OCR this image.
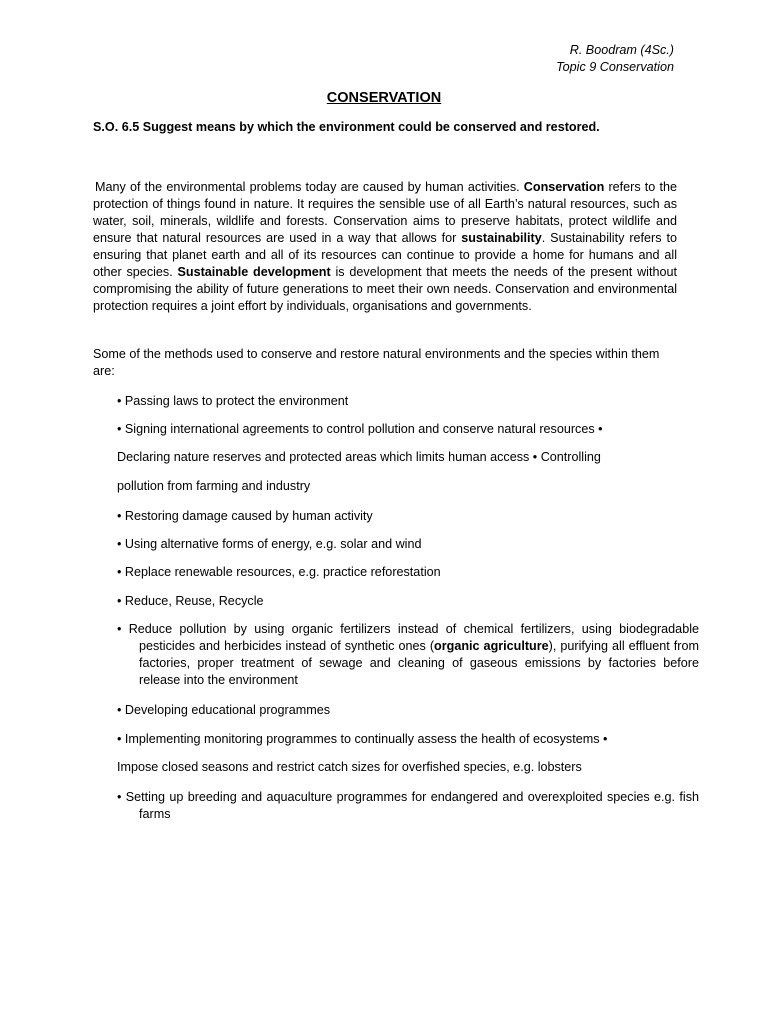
R. Boodram (4Sc.)
Topic 9 Conservation
CONSERVATION
S.O. 6.5 Suggest means by which the environment could be conserved and restored.

Many of the environmental problems today are caused by human activities. Conservation refers to the protection of things found in nature. It requires the sensible use of all Earth’s natural resources, such as water, soil, minerals, wildlife and forests. Conservation aims to preserve habitats, protect wildlife and ensure that natural resources are used in a way that allows for sustainability. Sustainability refers to ensuring that planet earth and all of its resources can continue to provide a home for humans and all other species. Sustainable development is development that meets the needs of the present without compromising the ability of future generations to meet their own needs. Conservation and environmental protection requires a joint effort by individuals, organisations and governments.

Some of the methods used to conserve and restore natural environments and the species within them are:

• Passing laws to protect the environment
• Signing international agreements to control pollution and conserve natural resources •
Declaring nature reserves and protected areas which limits human access • Controlling
pollution from farming and industry
• Restoring damage caused by human activity
• Using alternative forms of energy, e.g. solar and wind
• Replace renewable resources, e.g. practice reforestation
• Reduce, Reuse, Recycle

• Reduce pollution by using organic fertilizers instead of chemical fertilizers, using biodegradable pesticides and herbicides instead of synthetic ones (organic agriculture), purifying all effluent from factories, proper treatment of sewage and cleaning of gaseous emissions by factories before release into the environment

• Developing educational programmes
• Implementing monitoring programmes to continually assess the health of ecosystems •
Impose closed seasons and restrict catch sizes for overfished species, e.g. lobsters

• Setting up breeding and aquaculture programmes for endangered and overexploited species e.g. fish farms
